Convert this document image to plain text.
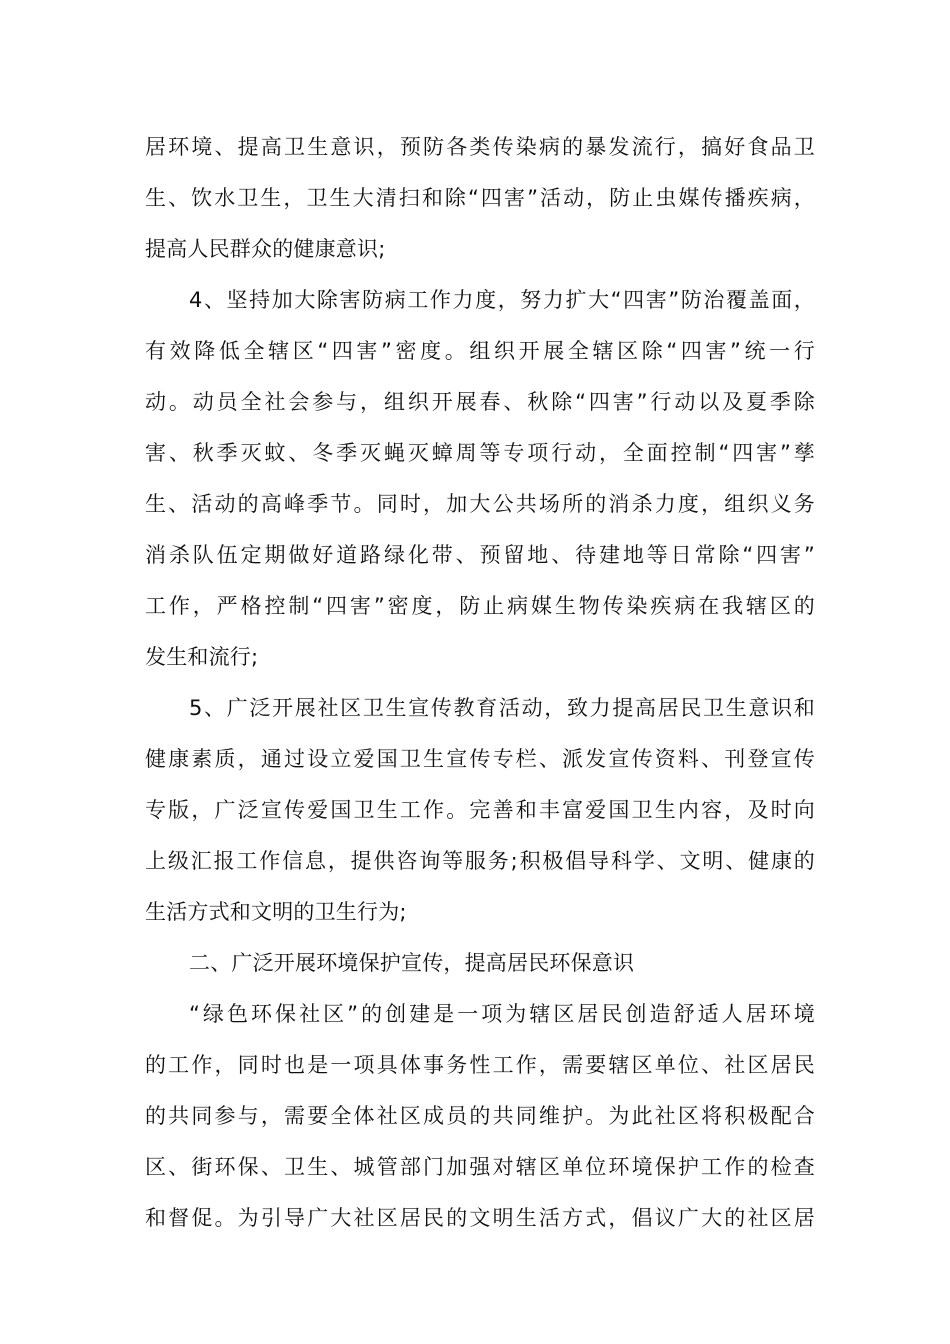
居环境、提高卫生意识，预防各类传染病的暴发流行，搞好食品卫
生、饮水卫生，卫生大清扫和除“四害”活动，防止虫媒传播疾病，
提高人民群众的健康意识;
4、坚持加大除害防病工作力度，努力扩大“四害”防治覆盖面，
有效降低全辖区“四害”密度。组织开展全辖区除“四害”统一行
动。动员全社会参与，组织开展春、秋除“四害”行动以及夏季除
害、秋季灭蚊、冬季灭蝇灭蟑周等专项行动，全面控制“四害”孳
生、活动的高峰季节。同时，加大公共场所的消杀力度，组织义务
消杀队伍定期做好道路绿化带、预留地、待建地等日常除“四害”
工作，严格控制“四害”密度，防止病媒生物传染疾病在我辖区的
发生和流行;
5、广泛开展社区卫生宣传教育活动，致力提高居民卫生意识和
健康素质，通过设立爱国卫生宣传专栏、派发宣传资料、刊登宣传
专版，广泛宣传爱国卫生工作。完善和丰富爱国卫生内容，及时向
上级汇报工作信息，提供咨询等服务;积极倡导科学、文明、健康的
生活方式和文明的卫生行为;
二、广泛开展环境保护宣传，提高居民环保意识
“绿色环保社区”的创建是一项为辖区居民创造舒适人居环境
的工作，同时也是一项具体事务性工作，需要辖区单位、社区居民
的共同参与，需要全体社区成员的共同维护。为此社区将积极配合
区、街环保、卫生、城管部门加强对辖区单位环境保护工作的检查
和督促。为引导广大社区居民的文明生活方式，倡议广大的社区居
